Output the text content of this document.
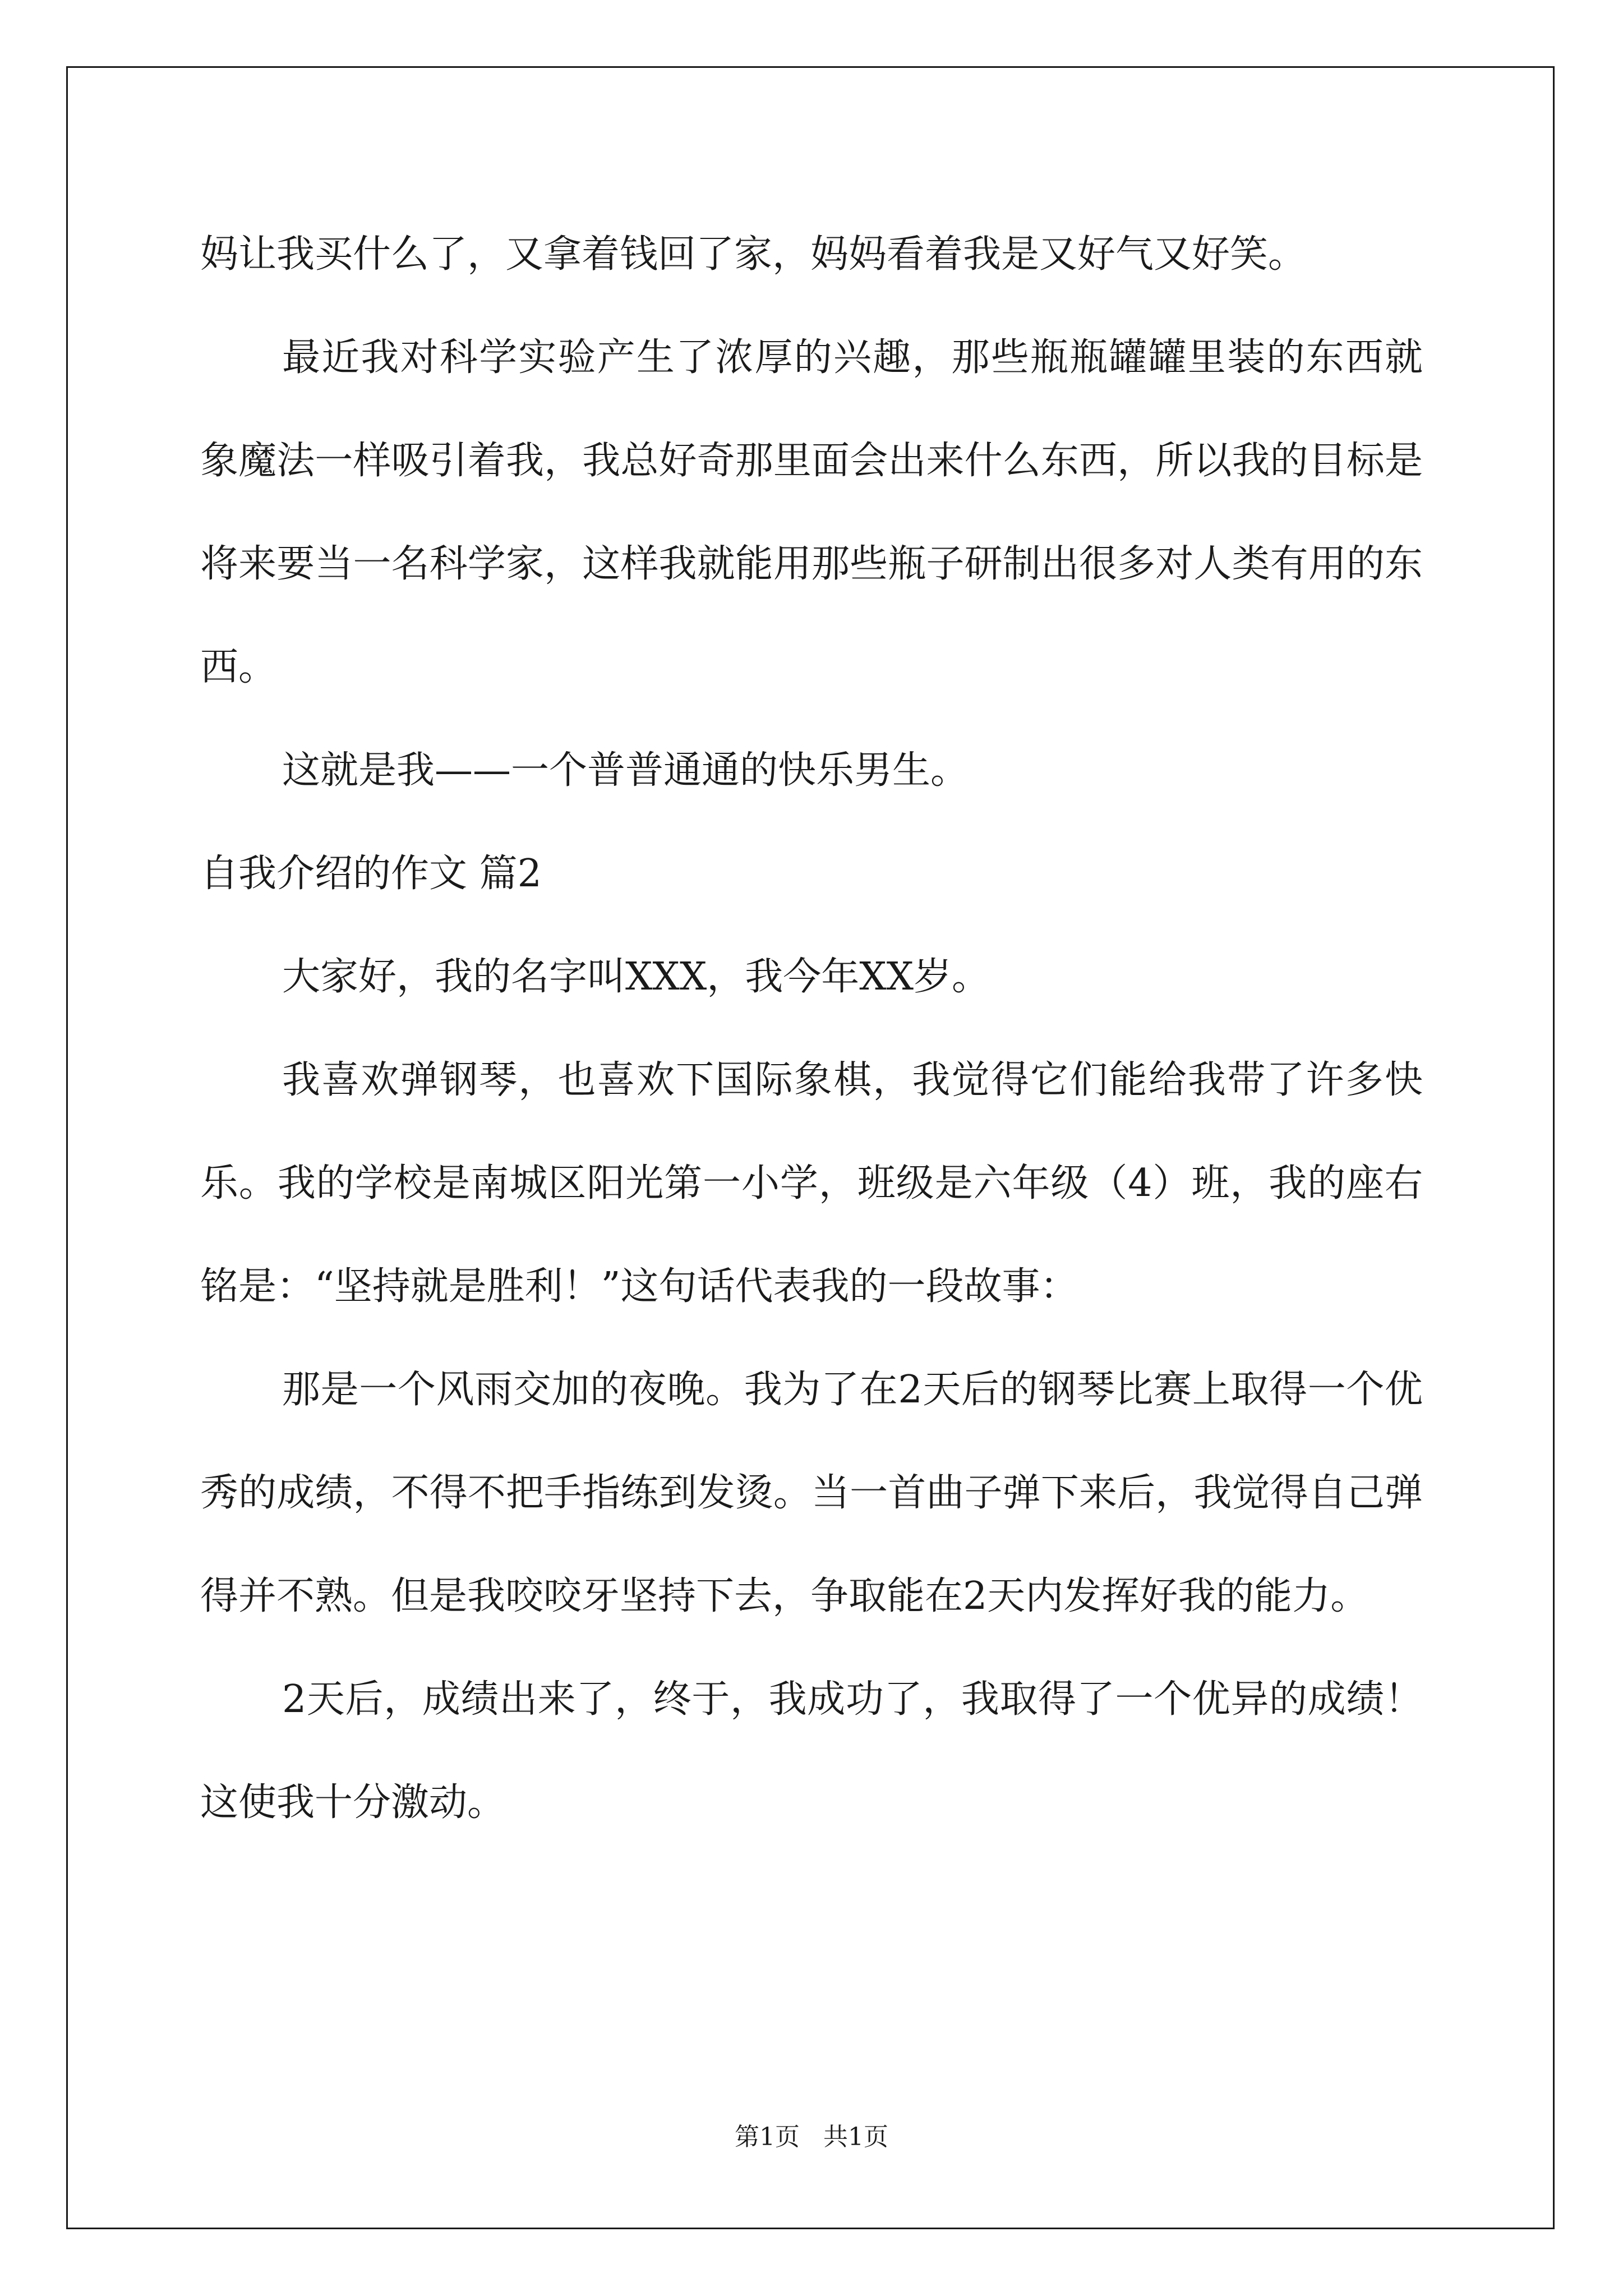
妈让我买什么了，又拿着钱回了家，妈妈看着我是又好气又好笑。

最近我对科学实验产生了浓厚的兴趣，那些瓶瓶罐罐里装的东西就象魔法一样吸引着我，我总好奇那里面会出来什么东西，所以我的目标是将来要当一名科学家，这样我就能用那些瓶子研制出很多对人类有用的东西。

这就是我——一个普普通通的快乐男生。

自我介绍的作文 篇2

大家好，我的名字叫XXX，我今年XX岁。

我喜欢弹钢琴，也喜欢下国际象棋，我觉得它们能给我带了许多快乐。我的学校是南城区阳光第一小学，班级是六年级（4）班，我的座右铭是：“坚持就是胜利！”这句话代表我的一段故事：

那是一个风雨交加的夜晚。我为了在2天后的钢琴比赛上取得一个优秀的成绩，不得不把手指练到发烫。当一首曲子弹下来后，我觉得自己弹得并不熟。但是我咬咬牙坚持下去，争取能在2天内发挥好我的能力。

2天后，成绩出来了，终于，我成功了，我取得了一个优异的成绩！这使我十分激动。

第1页 共1页
